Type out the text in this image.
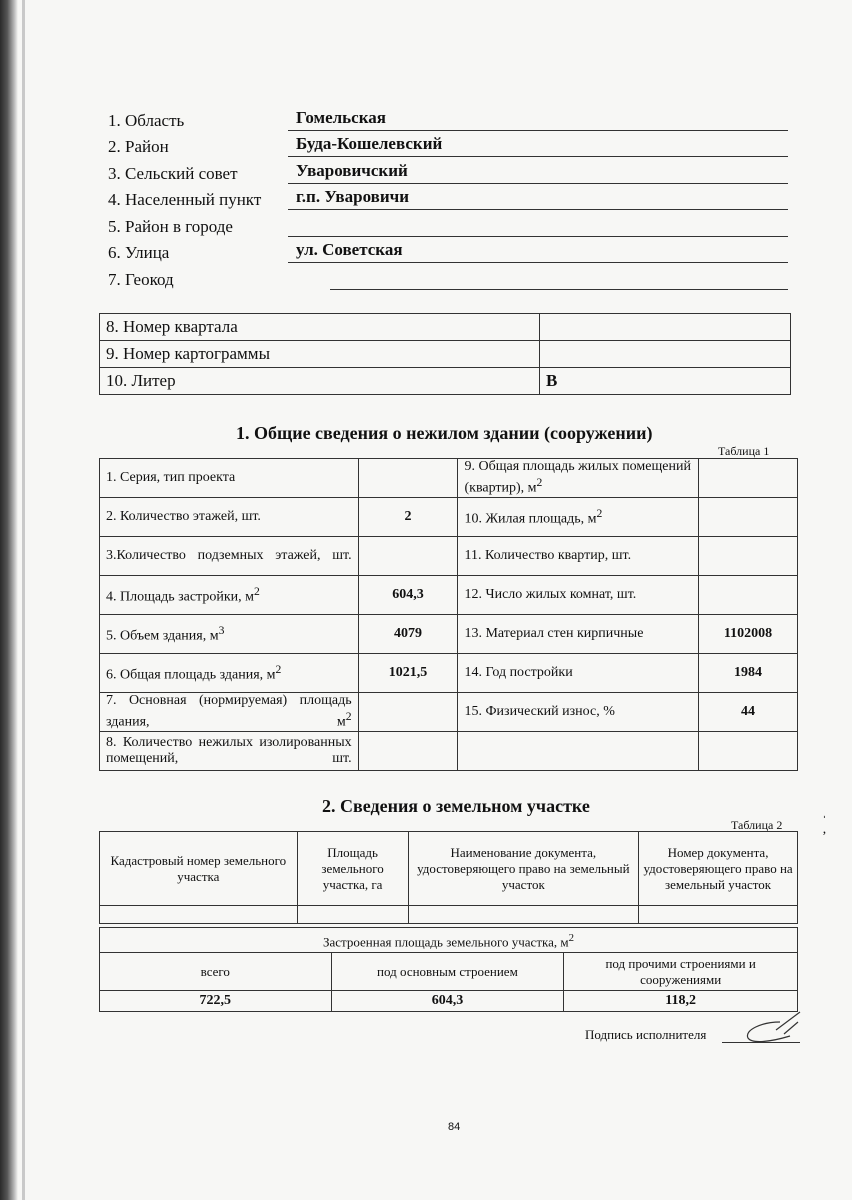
1. Область	Гомельская
2. Район	Буда-Кошелевский
3. Сельский совет	Уваровичский
4. Населенный пункт г.п. Уваровичи
5. Район в городе
6. Улица	ул. Советская
7. Геокод
8. Номер квартала	
9. Номер картограммы	
10. Литер	В
1. Общие сведения о нежилом здании (сооружении)
Таблица 1
1. Серия, тип проекта		9. Общая площадь жилых помещений (квартир), $м^2$	
2. Количество этажей, шт.	2	10. Жилая площадь, $м^2$	
3.Количество подземных этажей, шт.		11. Количество квартир, шт.	
4. Площадь застройки, $м^2$	604,3	12. Число жилых комнат, шт.	
5. Объем здания, $м^3$	4079	13. Материал стен кирпичные	1102008
6. Общая площадь здания, $м^2$	1021,5	14. Год постройки	1984
7. Основная (нормируемая) площадь здания, $м^2$		15. Физический износ, %	44
8. Количество нежилых изолированных помещений, шт.			
2. Сведения о земельном участке
Таблица 2
Кадастровый номер земельного участка	Площадь земельного участка, га	Наименование документа, удостоверяющего право на земельный участок	Номер документа, удостоверяющего право на земельный участок

Застроенная площадь земельного участка, $м^2$
всего	под основным строением	под прочими строениями и сооружениями
722,5	604,3	118,2
Подпись исполнителя
ˌ
‚
84
